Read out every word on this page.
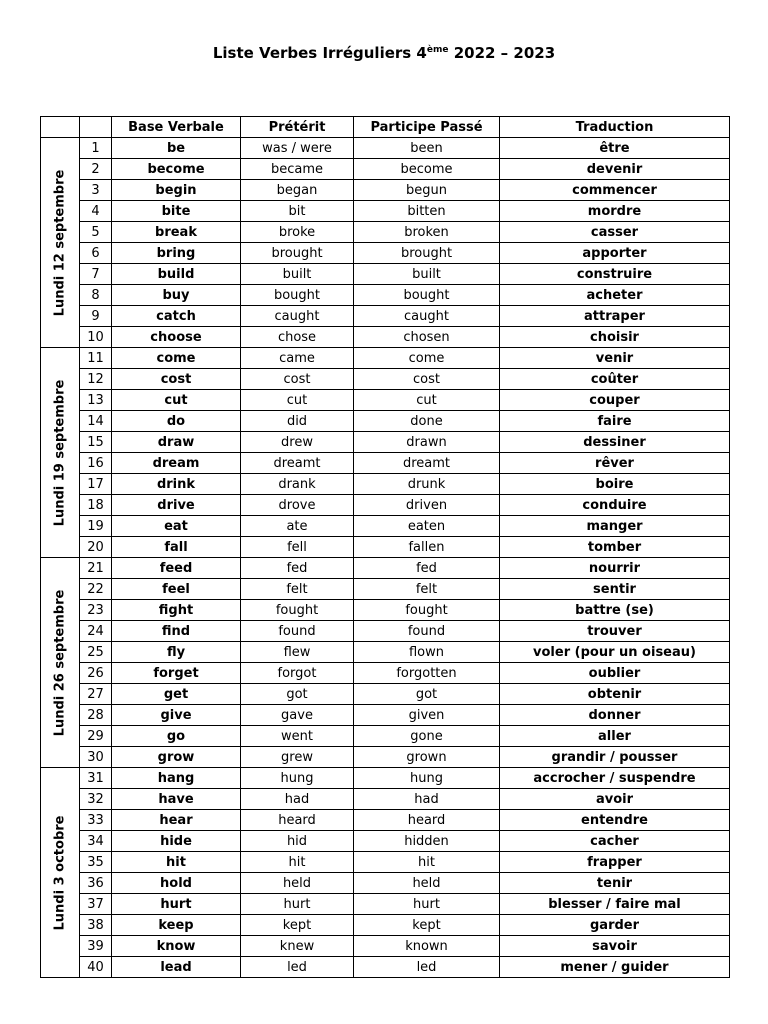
Liste Verbes Irréguliers 4ème 2022 – 2023
		Base Verbale	Prétérit	Participe Passé	Traduction

Lundi 12 septembre	1	be	was / were	been	être
	2	become	became	become	devenir
	3	begin	began	begun	commencer
	4	bite	bit	bitten	mordre
	5	break	broke	broken	casser
	6	bring	brought	brought	apporter
	7	build	built	built	construire
	8	buy	bought	bought	acheter
	9	catch	caught	caught	attraper
	10	choose	chose	chosen	choisir

Lundi 19 septembre	11	come	came	come	venir
	12	cost	cost	cost	coûter
	13	cut	cut	cut	couper
	14	do	did	done	faire
	15	draw	drew	drawn	dessiner
	16	dream	dreamt	dreamt	rêver
	17	drink	drank	drunk	boire
	18	drive	drove	driven	conduire
	19	eat	ate	eaten	manger
	20	fall	fell	fallen	tomber

Lundi 26 septembre	21	feed	fed	fed	nourrir
	22	feel	felt	felt	sentir
	23	fight	fought	fought	battre (se)
	24	find	found	found	trouver
	25	fly	flew	flown	voler (pour un oiseau)
	26	forget	forgot	forgotten	oublier
	27	get	got	got	obtenir
	28	give	gave	given	donner
	29	go	went	gone	aller
	30	grow	grew	grown	grandir / pousser

Lundi 3 octobre	31	hang	hung	hung	accrocher / suspendre
	32	have	had	had	avoir
	33	hear	heard	heard	entendre
	34	hide	hid	hidden	cacher
	35	hit	hit	hit	frapper
	36	hold	held	held	tenir
	37	hurt	hurt	hurt	blesser / faire mal
	38	keep	kept	kept	garder
	39	know	knew	known	savoir
	40	lead	led	led	mener / guider
